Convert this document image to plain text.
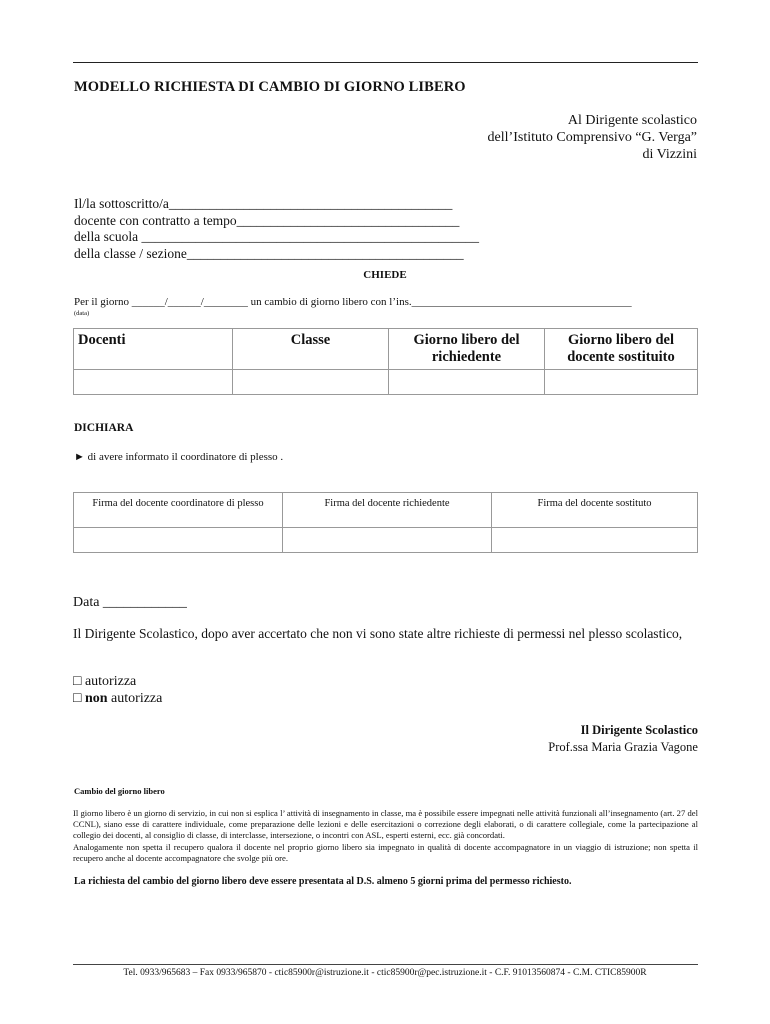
MODELLO RICHIESTA DI CAMBIO DI GIORNO LIBERO
Al Dirigente scolastico
dell’Istituto Comprensivo “G. Verga”
di Vizzini
Il/la sottoscritto/a__________________________________________
docente con contratto a tempo_________________________________
della scuola __________________________________________________
della classe / sezione_________________________________________
CHIEDE
Per il giorno ______/______/________ un cambio di giorno libero con l’ins.________________________________________
(data)
Docenti	Classe	Giorno libero del richiedente	Giorno libero del docente sostituito

DICHIARA
► di avere informato il coordinatore di plesso .
Firma del docente coordinatore di plesso	Firma del docente richiedente	Firma del docente sostituto

Data ____________
Il Dirigente Scolastico, dopo aver accertato che non vi sono state altre richieste di permessi nel plesso scolastico,
□ autorizza
□ non autorizza
Il Dirigente Scolastico
Prof.ssa Maria Grazia Vagone
Cambio del giorno libero
Il giorno libero è un giorno di servizio, in cui non si esplica l’ attività di insegnamento in classe, ma è possibile essere impegnati nelle attività funzionali all’insegnamento (art. 27 del CCNL), siano esse di carattere individuale, come preparazione delle lezioni e delle esercitazioni o correzione degli elaborati, o di carattere collegiale, come la partecipazione al collegio dei docenti, al consiglio di classe, di interclasse, intersezione, o incontri con ASL, esperti esterni, ecc. già concordati.
Analogamente non spetta il recupero qualora il docente nel proprio giorno libero sia impegnato in qualità di docente accompagnatore in un viaggio di istruzione; non spetta il recupero anche al docente accompagnatore che svolge più ore.
La richiesta del cambio del giorno libero deve essere presentata al D.S. almeno 5 giorni prima del permesso richiesto.
Tel. 0933/965683 – Fax 0933/965870 - ctic85900r@istruzione.it - ctic85900r@pec.istruzione.it - C.F. 91013560874 - C.M. CTIC85900R
